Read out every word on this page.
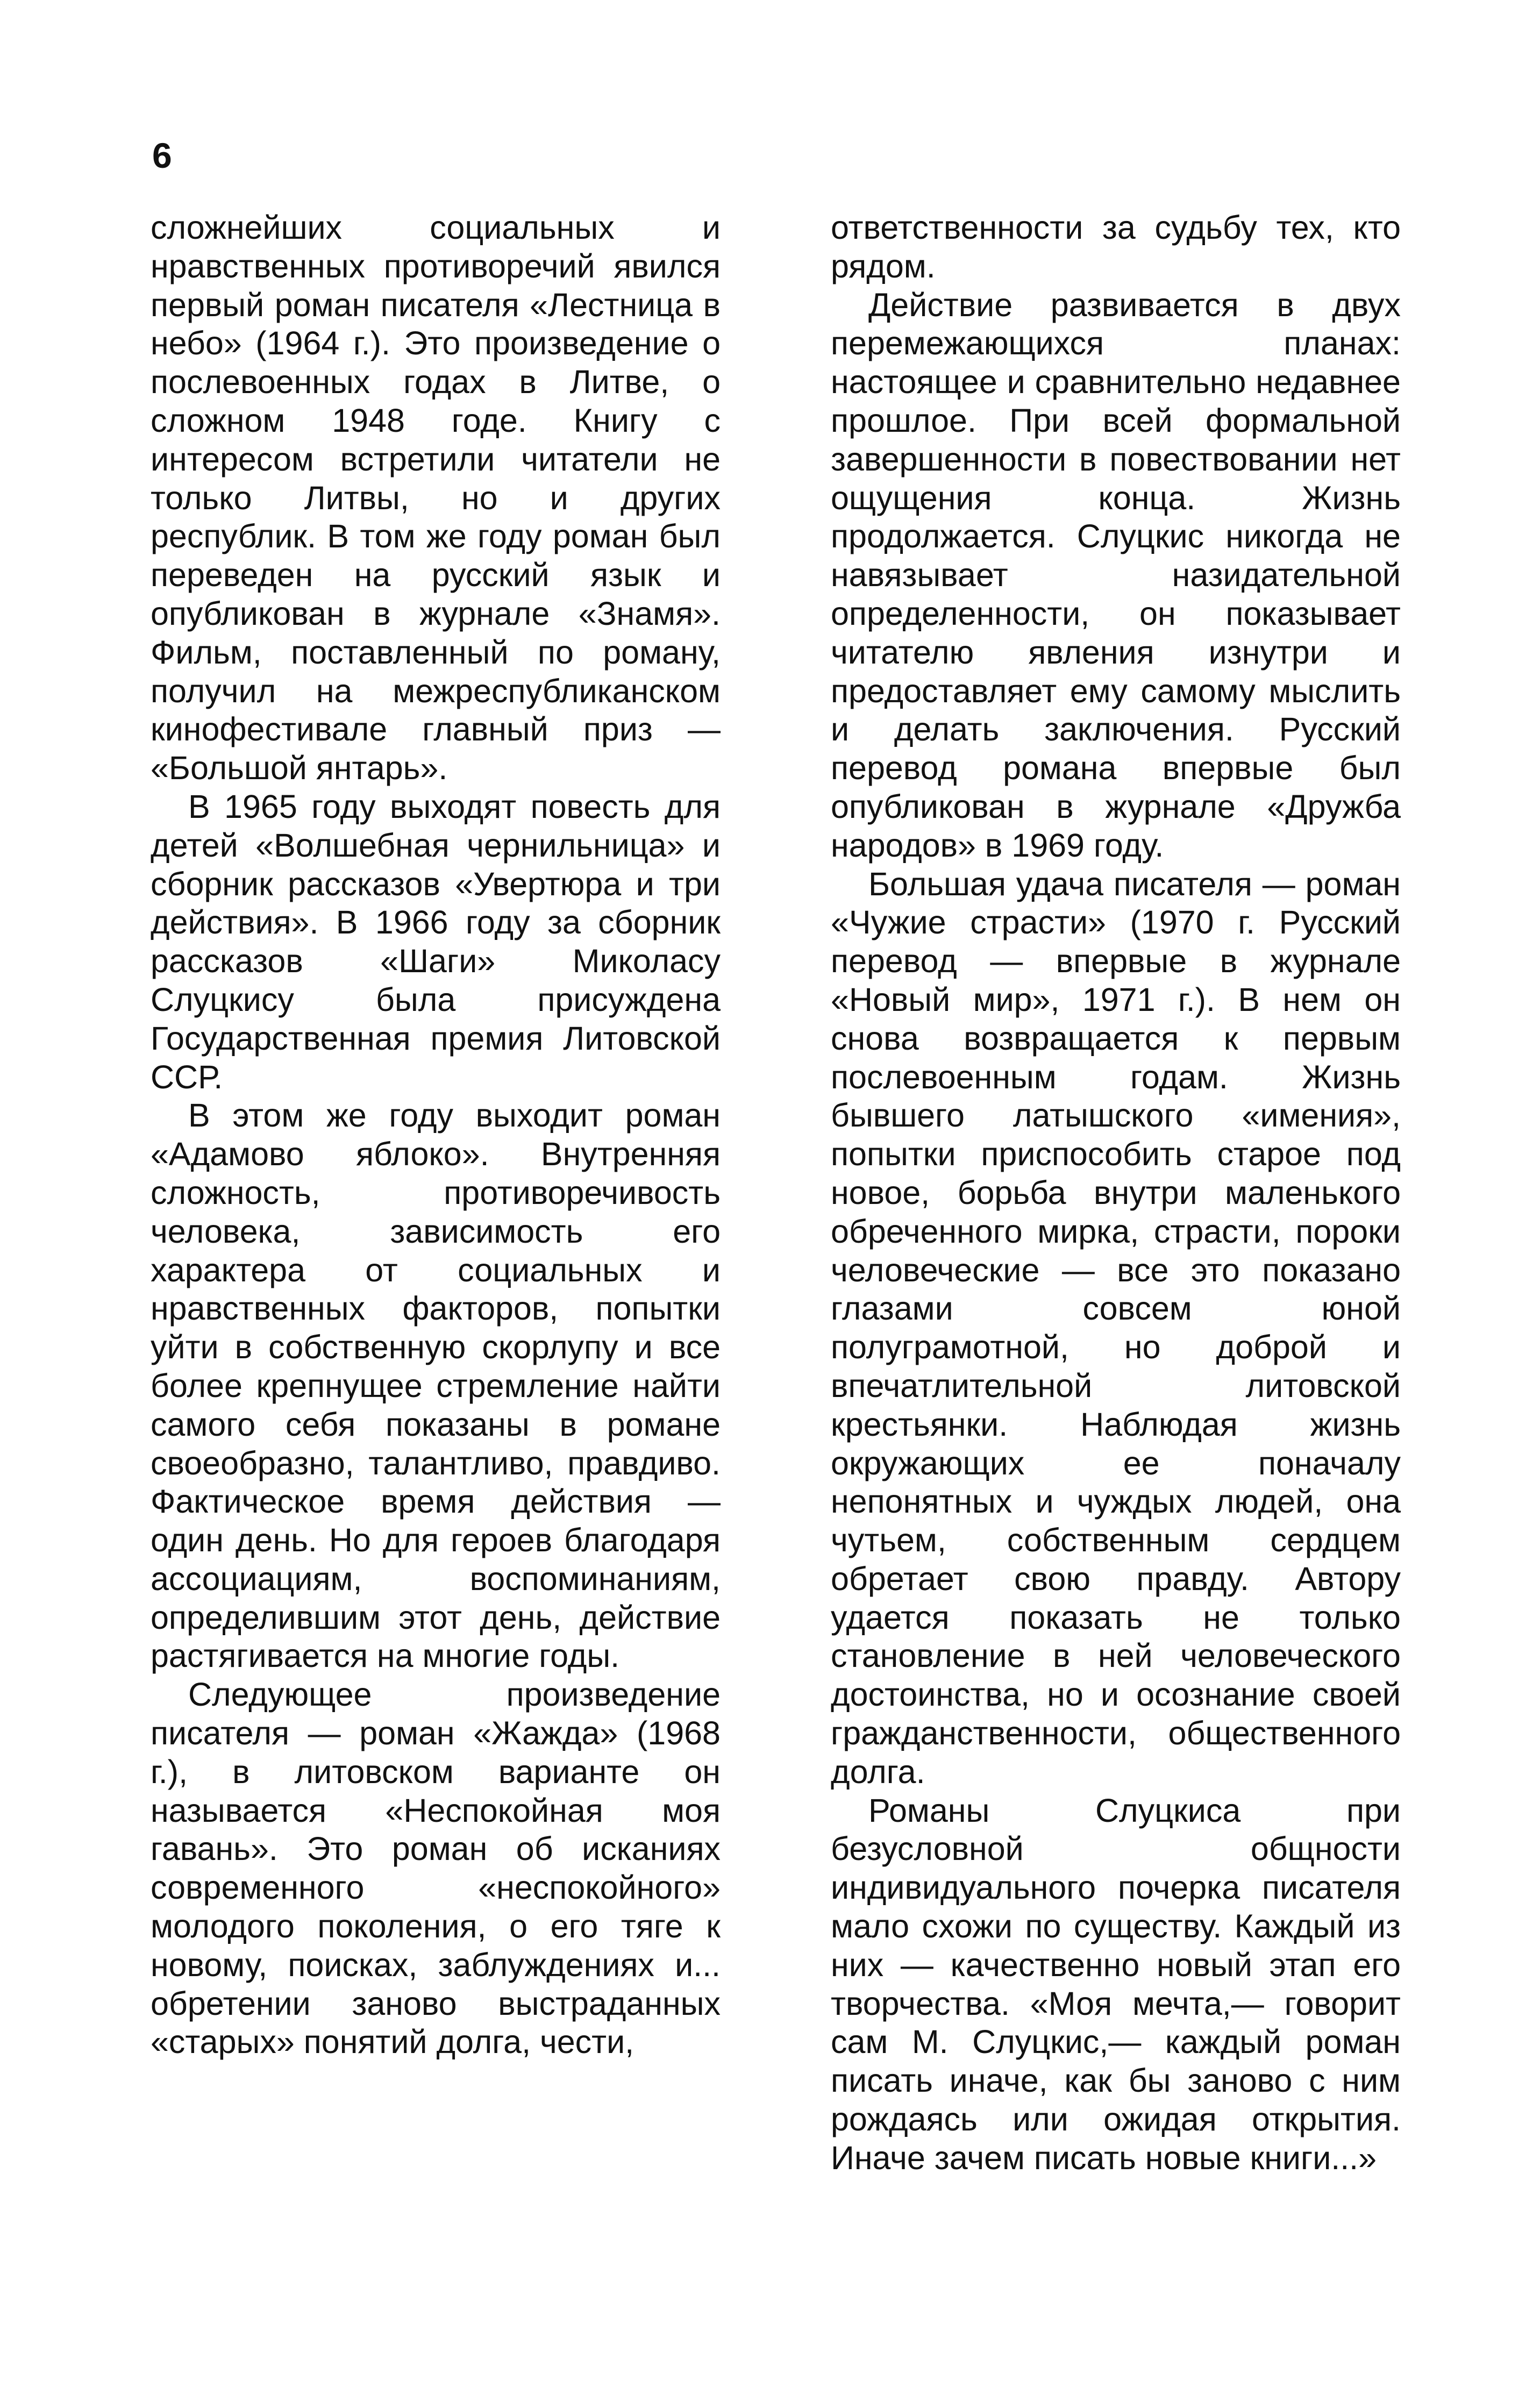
6

сложнейших социальных и нравственных противоречий явился первый роман писателя «Лестница в небо» (1964 г.). Это произведение о послевоенных годах в Литве, о сложном 1948 годе. Книгу с интересом встретили читатели не только Литвы, но и других республик. В том же году роман был переведен на русский язык и опубликован в журнале «Знамя». Фильм, поставленный по роману, получил на межреспубликанском кинофестивале главный приз — «Большой янтарь».

В 1965 году выходят повесть для детей «Волшебная чернильница» и сборник рассказов «Увертюра и три действия». В 1966 году за сборник рассказов «Шаги» Миколасу Слуцкису была присуждена Государственная премия Литовской ССР.

В этом же году выходит роман «Адамово яблоко». Внутренняя сложность, противоречивость человека, зависимость его характера от социальных и нравственных факторов, попытки уйти в собственную скорлупу и все более крепнущее стремление найти самого себя показаны в романе своеобразно, талантливо, правдиво. Фактическое время действия — один день. Но для героев благодаря ассоциациям, воспоминаниям, определившим этот день, действие растягивается на многие годы.

Следующее произведение писателя — роман «Жажда» (1968 г.), в литовском варианте он называется «Неспокойная моя гавань». Это роман об исканиях современного «неспокойного» молодого поколения, о его тяге к новому, поисках, заблуждениях и... обретении заново выстраданных «старых» понятий долга, чести,

ответственности за судьбу тех, кто рядом.

Действие развивается в двух перемежающихся планах: настоящее и сравнительно недавнее прошлое. При всей формальной завершенности в повествовании нет ощущения конца. Жизнь продолжается. Слуцкис никогда не навязывает назидательной определенности, он показывает читателю явления изнутри и предоставляет ему самому мыслить и делать заключения. Русский перевод романа впервые был опубликован в журнале «Дружба народов» в 1969 году.

Большая удача писателя — роман «Чужие страсти» (1970 г. Русский перевод — впервые в журнале «Новый мир», 1971 г.). В нем он снова возвращается к первым послевоенным годам. Жизнь бывшего латышского «имения», попытки приспособить старое под новое, борьба внутри маленького обреченного мирка, страсти, пороки человеческие — все это показано глазами совсем юной полуграмотной, но доброй и впечатлительной литовской крестьянки. Наблюдая жизнь окружающих ее поначалу непонятных и чуждых людей, она чутьем, собственным сердцем обретает свою правду. Автору удается показать не только становление в ней человеческого достоинства, но и осознание своей гражданственности, общественного долга.

Романы Слуцкиса при безусловной общности индивидуального почерка писателя мало схожи по существу. Каждый из них — качественно новый этап его творчества. «Моя мечта,— говорит сам М. Слуцкис,— каждый роман писать иначе, как бы заново с ним рождаясь или ожидая открытия. Иначе зачем писать новые книги...»
